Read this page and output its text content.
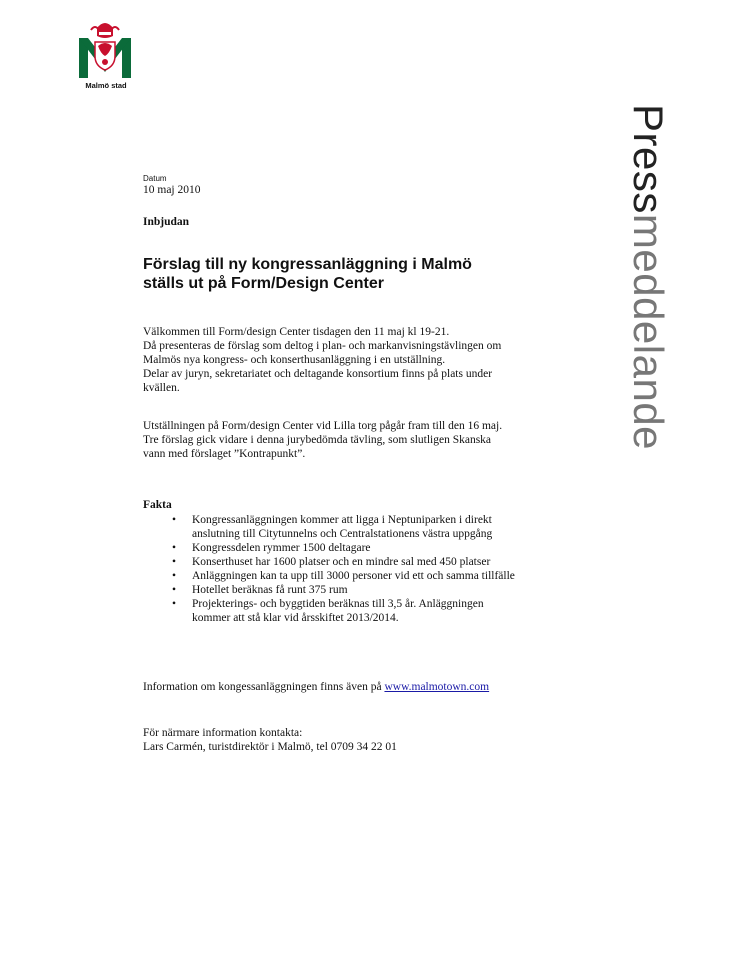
Malmö stad
Pressmeddelande
Datum
10 maj 2010
Inbjudan
Förslag till ny kongressanläggning i Malmö
ställs ut på Form/Design Center

Välkommen till Form/design Center tisdagen den 11 maj kl 19-21.

Då presenteras de förslag som deltog i plan- och markanvisningstävlingen om

Malmös nya kongress- och konserthusanläggning i en utställning.

Delar av juryn, sekretariatet och deltagande konsortium finns på plats under

kvällen.

Utställningen på Form/design Center vid Lilla torg pågår fram till den 16 maj.

Tre förslag gick vidare i denna jurybedömda tävling, som slutligen Skanska

vann med förslaget ”Kontrapunkt”.

Fakta
• Kongressanläggningen kommer att ligga i Neptuniparken i direkt
anslutning till Citytunnelns och Centralstationens västra uppgång
• Kongressdelen rymmer 1500 deltagare
• Konserthuset har 1600 platser och en mindre sal med 450 platser
• Anläggningen kan ta upp till 3000 personer vid ett och samma tillfälle
• Hotellet beräknas få runt 375 rum
• Projekterings- och byggtiden beräknas till 3,5 år. Anläggningen
kommer att stå klar vid årsskiftet 2013/2014.
Information om kongessanläggningen finns även på www.malmotown.com

För närmare information kontakta:

Lars Carmén, turistdirektör i Malmö, tel 0709 34 22 01
